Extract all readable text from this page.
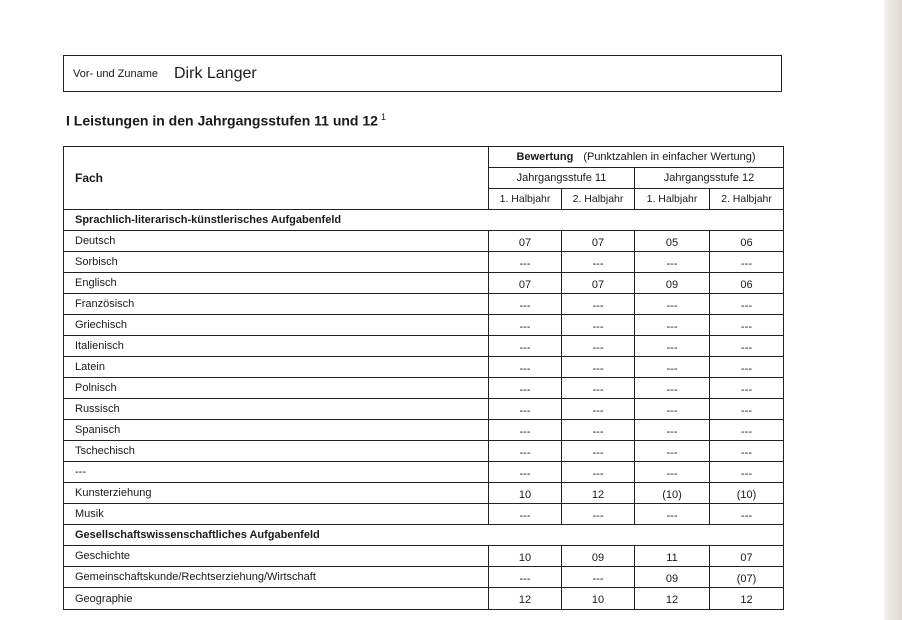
Vor- und Zuname Dirk Langer
I Leistungen in den Jahrgangsstufen 11 und 12 $^1$
Fach	Bewertung (Punktzahlen in einfacher Wertung)			
	Jahrgangsstufe 11		Jahrgangsstufe 12	
	1. Halbjahr	2. Halbjahr	1. Halbjahr	2. Halbjahr
Sprachlich-literarisch-künstlerisches Aufgabenfeld				
Deutsch	07	07	05	06
Sorbisch	---	---	---	---
Englisch	07	07	09	06
Französisch	---	---	---	---
Griechisch	---	---	---	---
Italienisch	---	---	---	---
Latein	---	---	---	---
Polnisch	---	---	---	---
Russisch	---	---	---	---
Spanisch	---	---	---	---
Tschechisch	---	---	---	---
---	---	---	---	---
Kunsterziehung	10	12	(10)	(10)
Musik	---	---	---	---
Gesellschaftswissenschaftliches Aufgabenfeld				
Geschichte	10	09	11	07
Gemeinschaftskunde/Rechtserziehung/Wirtschaft	---	---	09	(07)
Geographie	12	10	12	12
